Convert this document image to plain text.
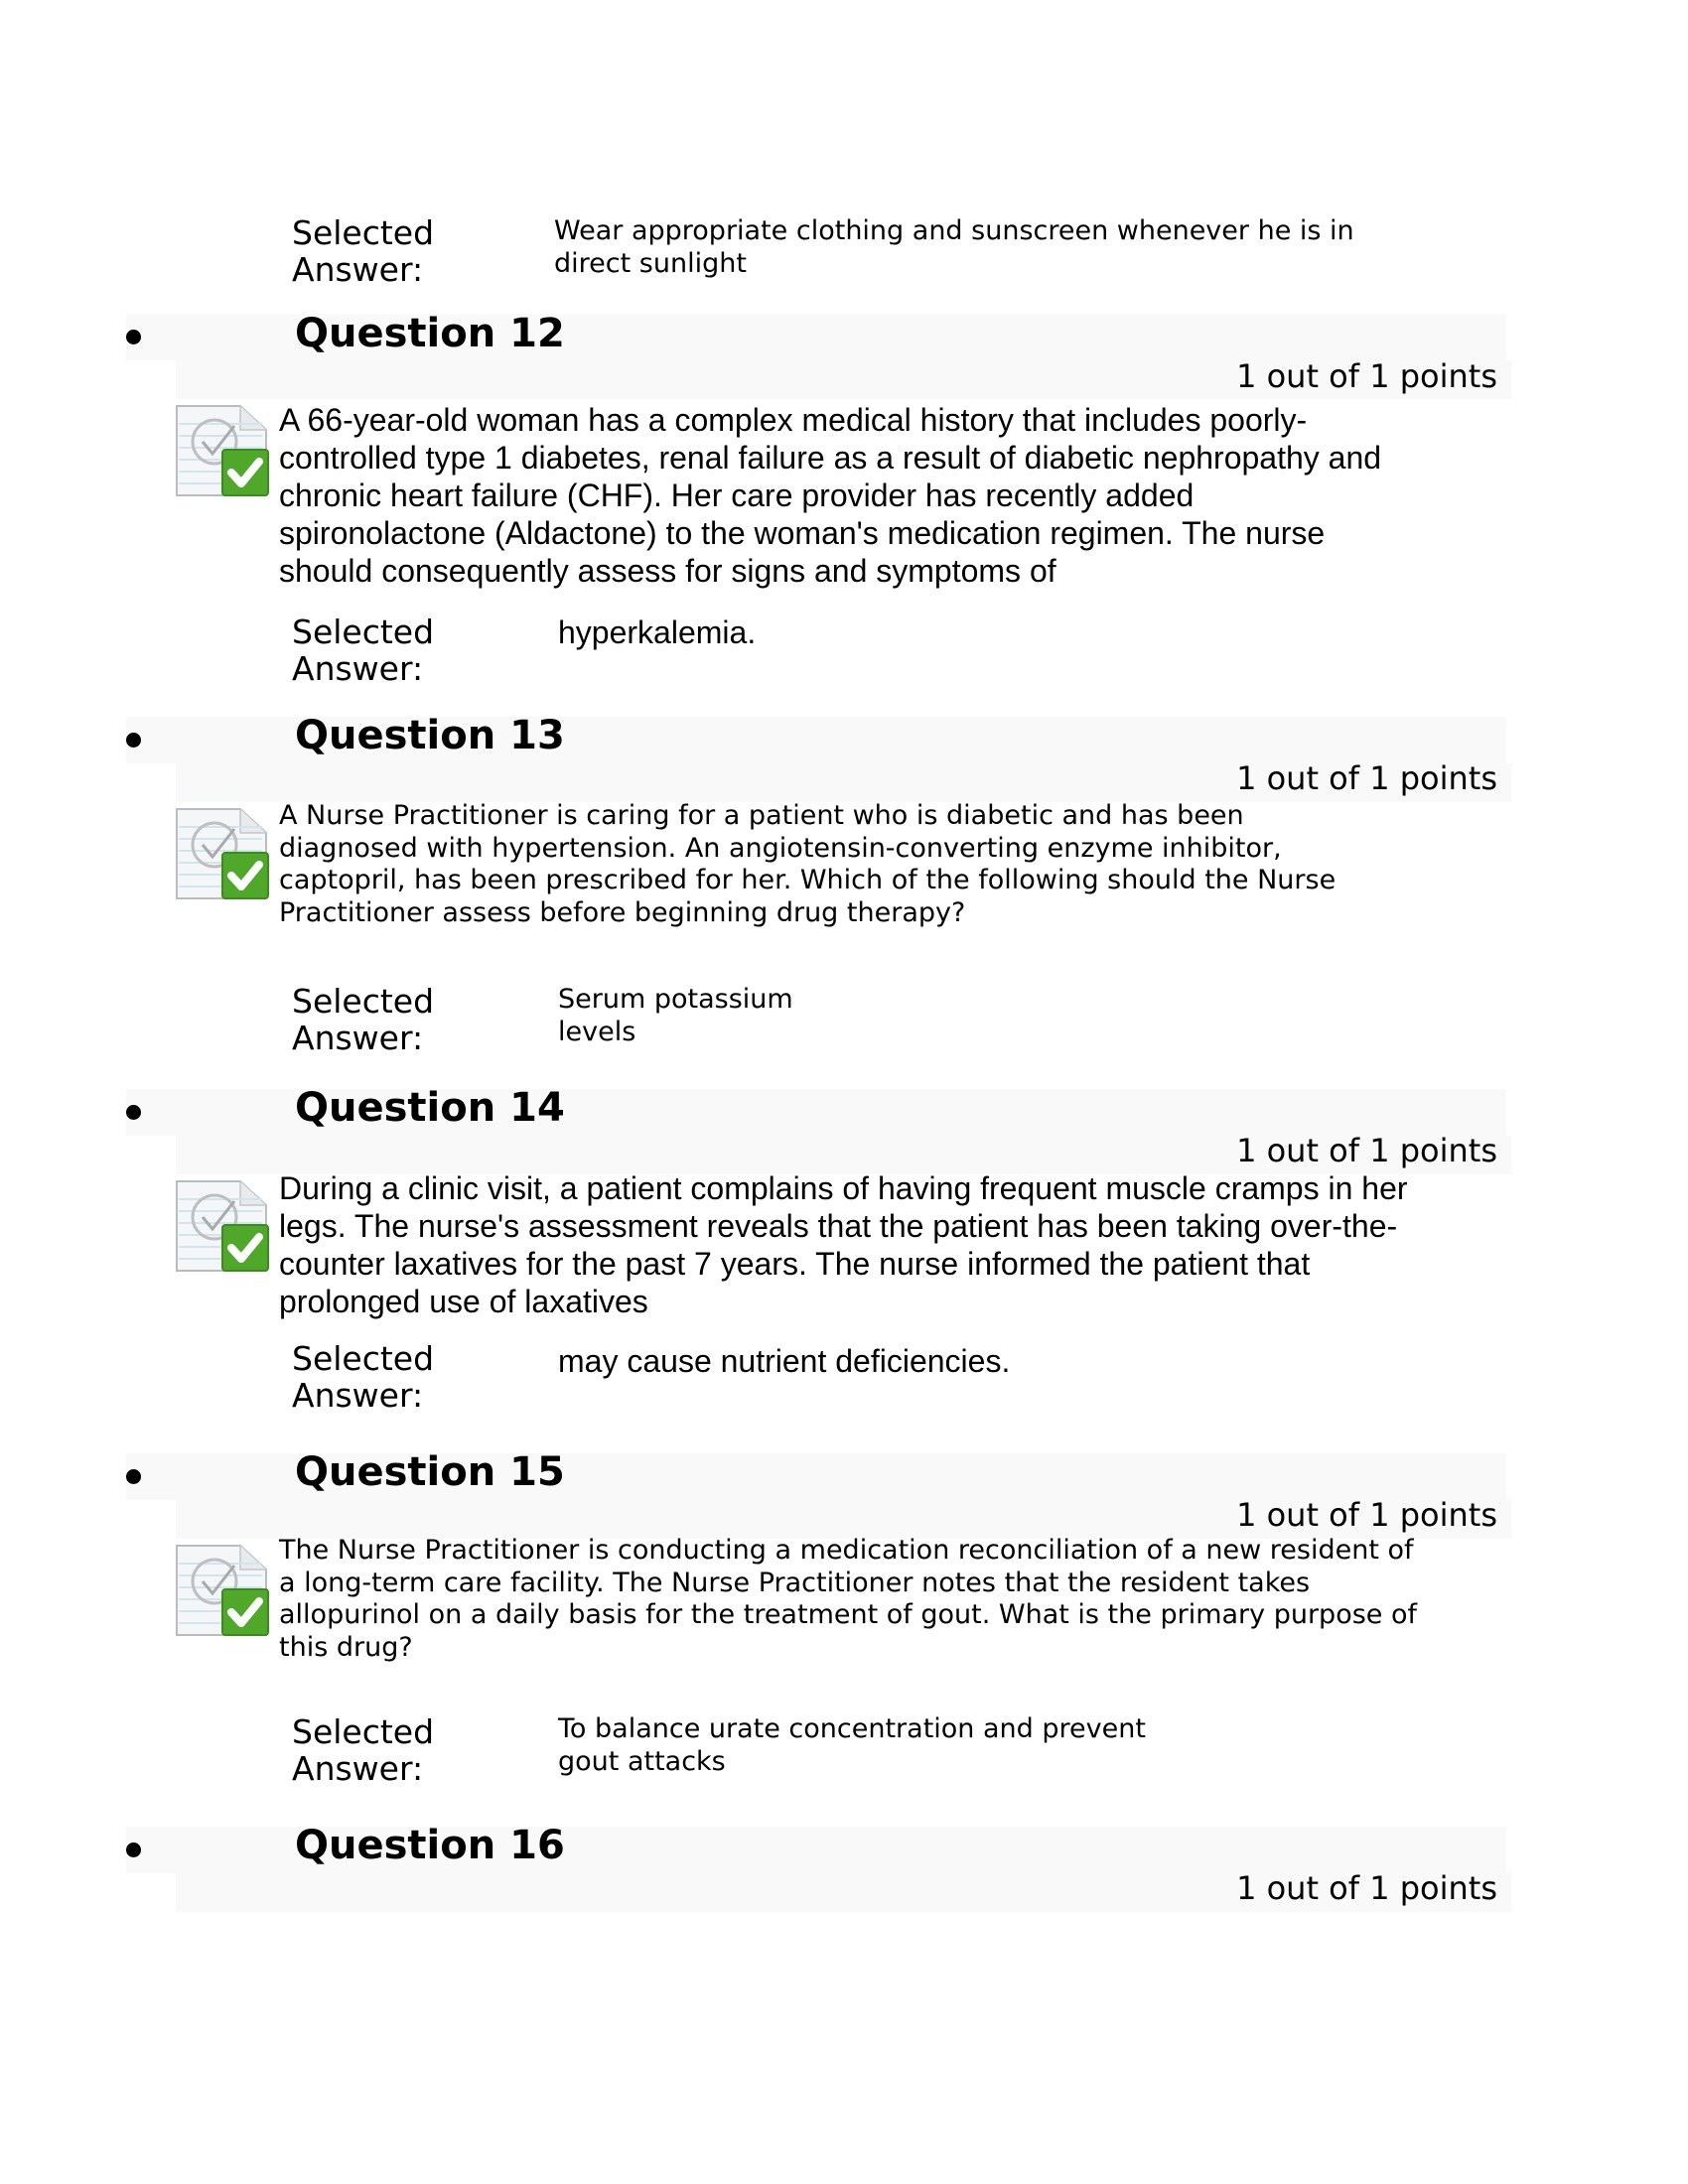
Selected
Answer:
Wear appropriate clothing and sunscreen whenever he is in direct sunlight
Question 12
1 out of 1 points
A 66-year-old woman has a complex medical history that includes poorly-controlled type 1 diabetes, renal failure as a result of diabetic nephropathy and chronic heart failure (CHF). Her care provider has recently added spironolactone (Aldactone) to the woman's medication regimen. The nurse should consequently assess for signs and symptoms of
Selected
Answer:
hyperkalemia.
Question 13
1 out of 1 points
A Nurse Practitioner is caring for a patient who is diabetic and has been diagnosed with hypertension. An angiotensin-converting enzyme inhibitor, captopril, has been prescribed for her. Which of the following should the Nurse Practitioner assess before beginning drug therapy?
Selected
Answer:
Serum potassium levels
Question 14
1 out of 1 points
During a clinic visit, a patient complains of having frequent muscle cramps in her legs. The nurse's assessment reveals that the patient has been taking over-the-counter laxatives for the past 7 years. The nurse informed the patient that prolonged use of laxatives
Selected
Answer:
may cause nutrient deficiencies.
Question 15
1 out of 1 points
The Nurse Practitioner is conducting a medication reconciliation of a new resident of a long-term care facility. The Nurse Practitioner notes that the resident takes allopurinol on a daily basis for the treatment of gout. What is the primary purpose of this drug?
Selected
Answer:
To balance urate concentration and prevent gout attacks
Question 16
1 out of 1 points
